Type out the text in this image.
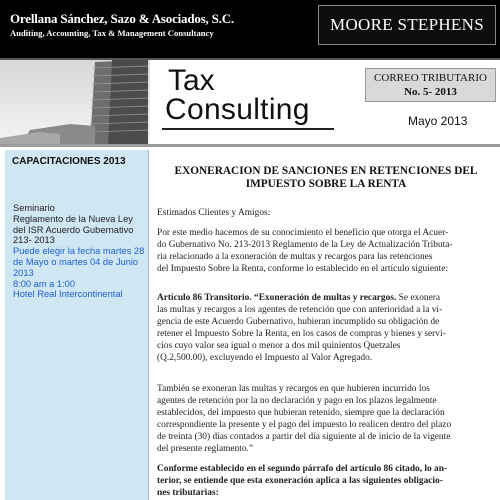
Orellana Sánchez, Sazo & Asociados, S.C.
Auditing, Accounting, Tax & Management Consultancy	MOORE STEPHENS
Tax
Consulting
CORREO TRIBUTARIO
No. 5- 2013
Mayo 2013
CAPACITACIONES 2013
Seminario
Reglamento de la Nueva Ley
del ISR Acuerdo Gubernativo
213- 2013
Puede elegir la fecha martes 28
de Mayo o martes 04 de Junio
2013
8:00 am a 1:00
Hotel Real Intercontinental
EXONERACION DE SANCIONES EN RETENCIONES DEL
IMPUESTO SOBRE LA RENTA
Estimados Clientes y Amigos:
Por este medio hacemos de su conocimiento el beneficio que otorga el Acuer-
do Gubernativo No. 213-2013 Reglamento de la Ley de Actualización Tributa-
ria relacionado a la exoneración de multas y recargos para las retenciones
del Impuesto Sobre la Renta, conforme lo establecido en el artículo siguiente:
Artículo 86 Transitorio. “Exoneración de multas y recargos. Se exonera
las multas y recargos a los agentes de retención que con anterioridad a la vi-
gencia de este Acuerdo Gubernativo, hubieran incumplido su obligación de
retener el Impuesto Sobre la Renta, en los casos de compras y bienes y servi-
cios cuyo valor sea igual o menor a dos mil quinientos Quetzales
(Q.2,500.00), excluyendo el Impuesto al Valor Agregado.
También se exoneran las multas y recargos en que hubieren incurrido los
agentes de retención por la no declaración y pago en los plazos legalmente
establecidos, del impuesto que hubieran retenido, siempre que la declaración
correspondiente la presente y el pago del impuesto lo realicen dentro del plazo
de treinta (30) días contados a partir del día siguiente al de inicio de la vigente
del presente reglamento.”
Conforme establecido en el segundo párrafo del artículo 86 citado, lo an-
terior, se entiende que esta exoneración aplica a las siguientes obligacio-
nes tributarias:
